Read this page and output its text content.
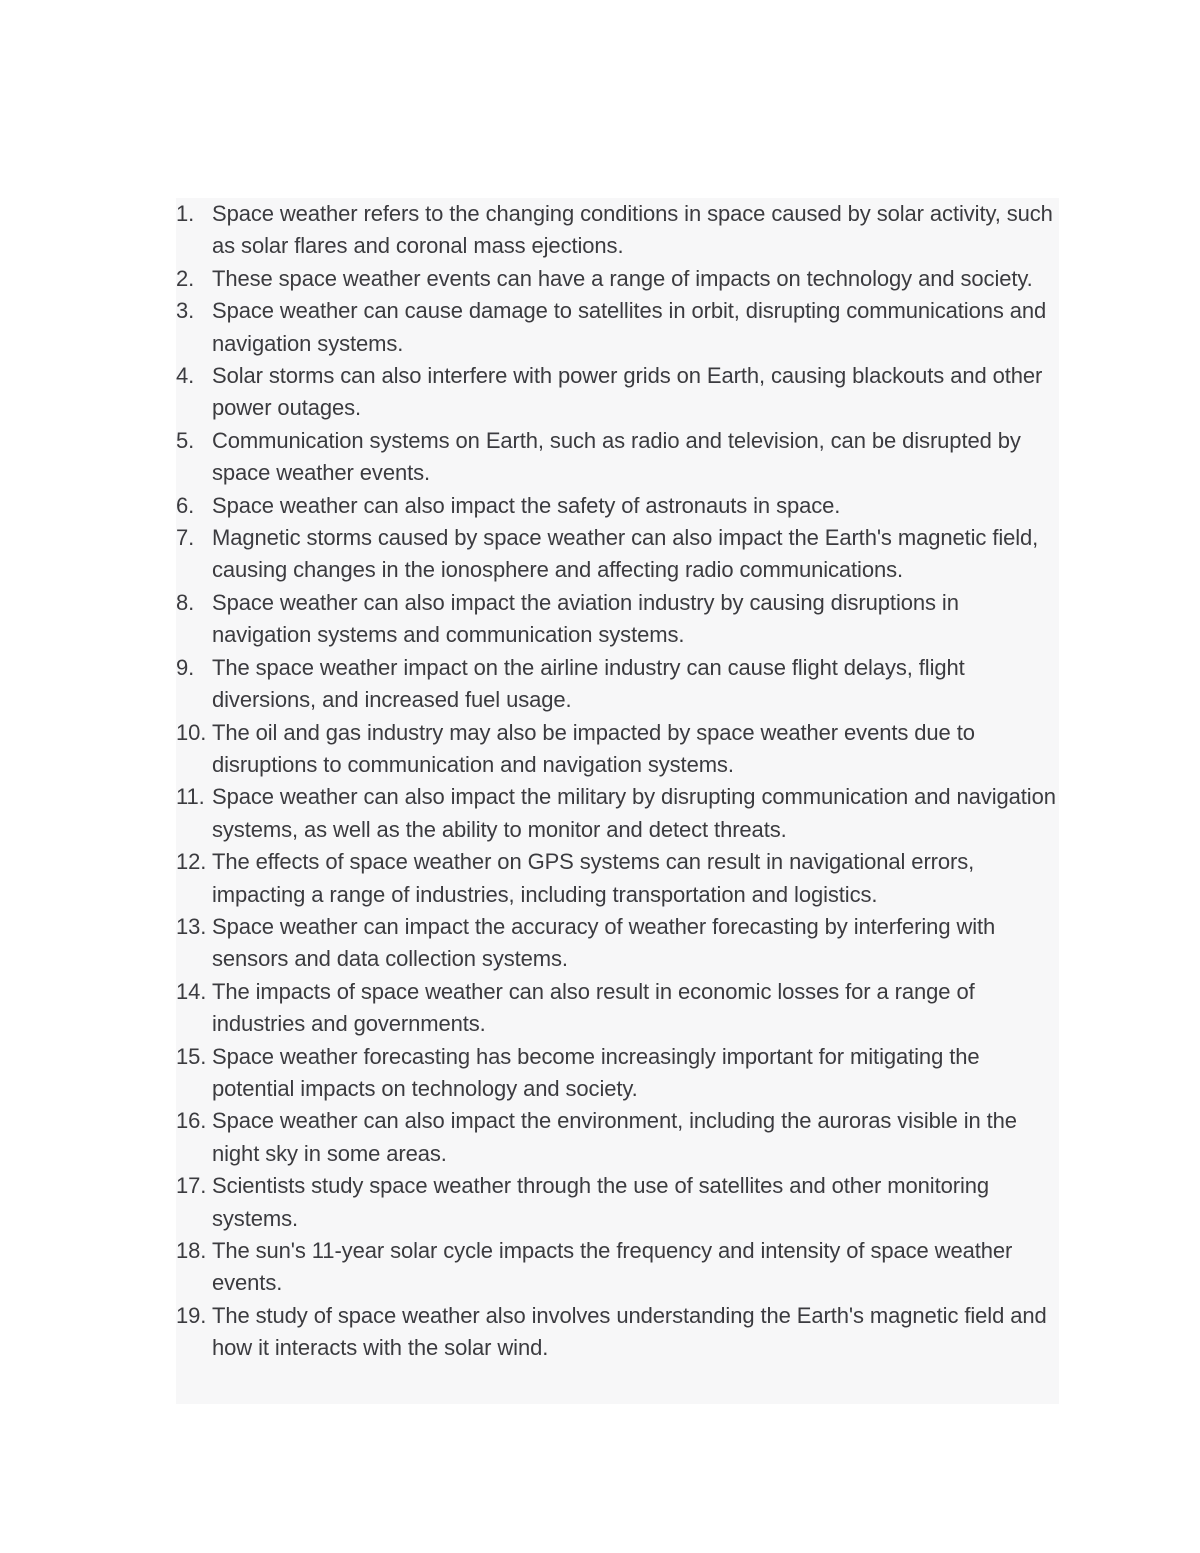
1. Space weather refers to the changing conditions in space caused by solar activity, such as solar flares and coronal mass ejections.
2. These space weather events can have a range of impacts on technology and society.
3. Space weather can cause damage to satellites in orbit, disrupting communications and navigation systems.
4. Solar storms can also interfere with power grids on Earth, causing blackouts and other power outages.
5. Communication systems on Earth, such as radio and television, can be disrupted by space weather events.
6. Space weather can also impact the safety of astronauts in space.
7. Magnetic storms caused by space weather can also impact the Earth's magnetic field, causing changes in the ionosphere and affecting radio communications.
8. Space weather can also impact the aviation industry by causing disruptions in navigation systems and communication systems.
9. The space weather impact on the airline industry can cause flight delays, flight diversions, and increased fuel usage.
10. The oil and gas industry may also be impacted by space weather events due to disruptions to communication and navigation systems.
11. Space weather can also impact the military by disrupting communication and navigation systems, as well as the ability to monitor and detect threats.
12. The effects of space weather on GPS systems can result in navigational errors, impacting a range of industries, including transportation and logistics.
13. Space weather can impact the accuracy of weather forecasting by interfering with sensors and data collection systems.
14. The impacts of space weather can also result in economic losses for a range of industries and governments.
15. Space weather forecasting has become increasingly important for mitigating the potential impacts on technology and society.
16. Space weather can also impact the environment, including the auroras visible in the night sky in some areas.
17. Scientists study space weather through the use of satellites and other monitoring systems.
18. The sun's 11-year solar cycle impacts the frequency and intensity of space weather events.
19. The study of space weather also involves understanding the Earth's magnetic field and how it interacts with the solar wind.
